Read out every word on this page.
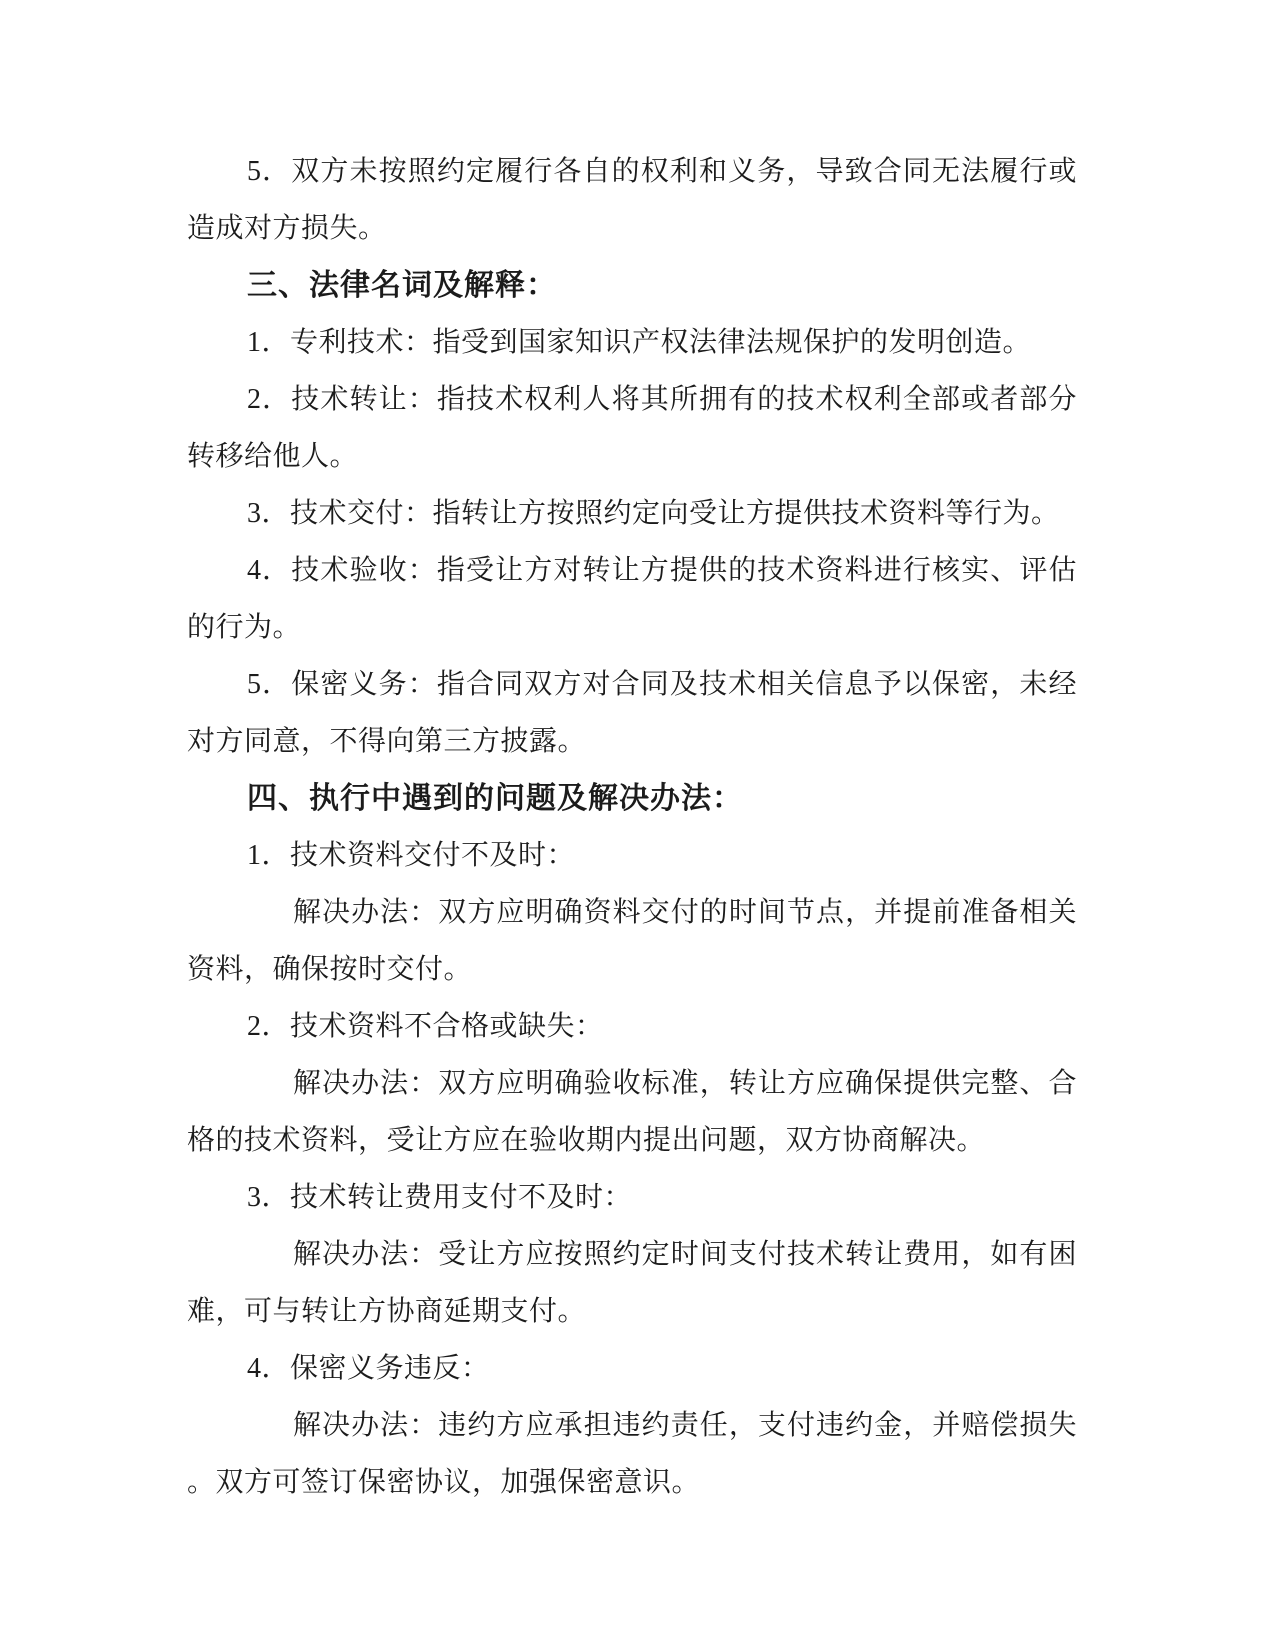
5．双方未按照约定履行各自的权利和义务，导致合同无法履行或
造成对方损失。
三、法律名词及解释：
1．专利技术：指受到国家知识产权法律法规保护的发明创造。
2．技术转让：指技术权利人将其所拥有的技术权利全部或者部分
转移给他人。
3．技术交付：指转让方按照约定向受让方提供技术资料等行为。
4．技术验收：指受让方对转让方提供的技术资料进行核实、评估
的行为。
5．保密义务：指合同双方对合同及技术相关信息予以保密，未经
对方同意，不得向第三方披露。
四、执行中遇到的问题及解决办法：
1．技术资料交付不及时：
解决办法：双方应明确资料交付的时间节点，并提前准备相关
资料，确保按时交付。
2．技术资料不合格或缺失：
解决办法：双方应明确验收标准，转让方应确保提供完整、合
格的技术资料，受让方应在验收期内提出问题，双方协商解决。
3．技术转让费用支付不及时：
解决办法：受让方应按照约定时间支付技术转让费用，如有困
难，可与转让方协商延期支付。
4．保密义务违反：
解决办法：违约方应承担违约责任，支付违约金，并赔偿损失
。双方可签订保密协议，加强保密意识。
